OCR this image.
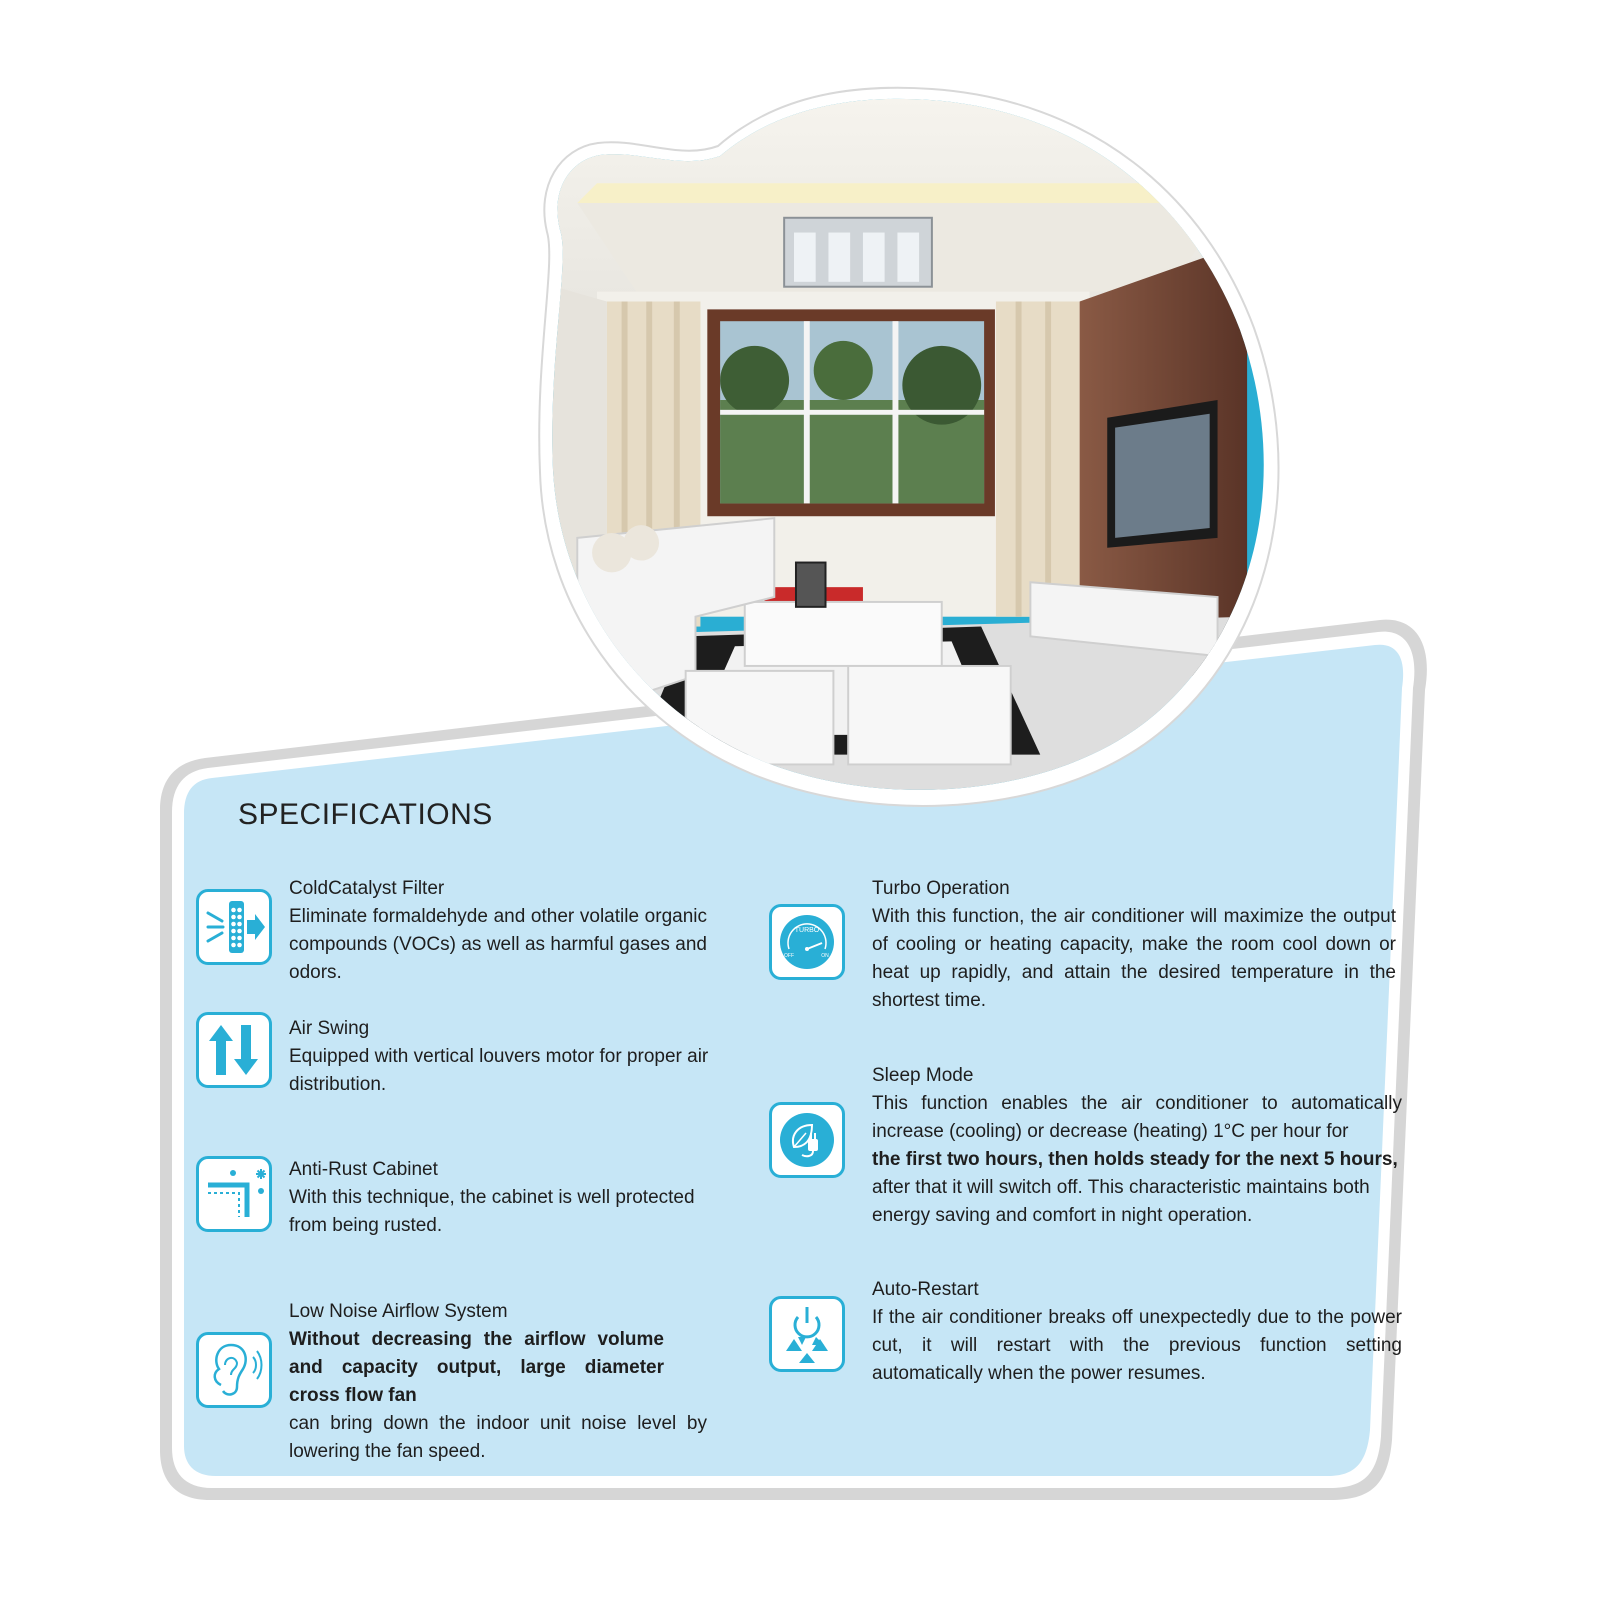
SPECIFICATIONS
ColdCatalyst Filter
Eliminate formaldehyde and other volatile organic compounds (VOCs) as well as harmful gases and odors.
Air Swing
Equipped with vertical louvers motor for proper air distribution.
Anti-Rust Cabinet
With this technique, the cabinet is well protected from being rusted.
Low Noise Airflow System
Without decreasing the airflow volume and capacity output, large diameter cross flow fan
can bring down the indoor unit noise level by lowering the fan speed.
TURBO
OFF	ON
Turbo Operation
With this function, the air conditioner will maximize the output of cooling or heating capacity, make the room cool down or heat up rapidly, and attain the desired temperature in the shortest time.
Sleep Mode
This function enables the air conditioner to automatically increase (cooling) or decrease (heating) 1°C per hour for
the first two hours, then holds steady for the next 5 hours,
after that it will switch off. This characteristic maintains both energy saving and comfort in night operation.
Auto-Restart
If the air conditioner breaks off unexpectedly due to the power cut, it will restart with the previous function setting automatically when the power resumes.
